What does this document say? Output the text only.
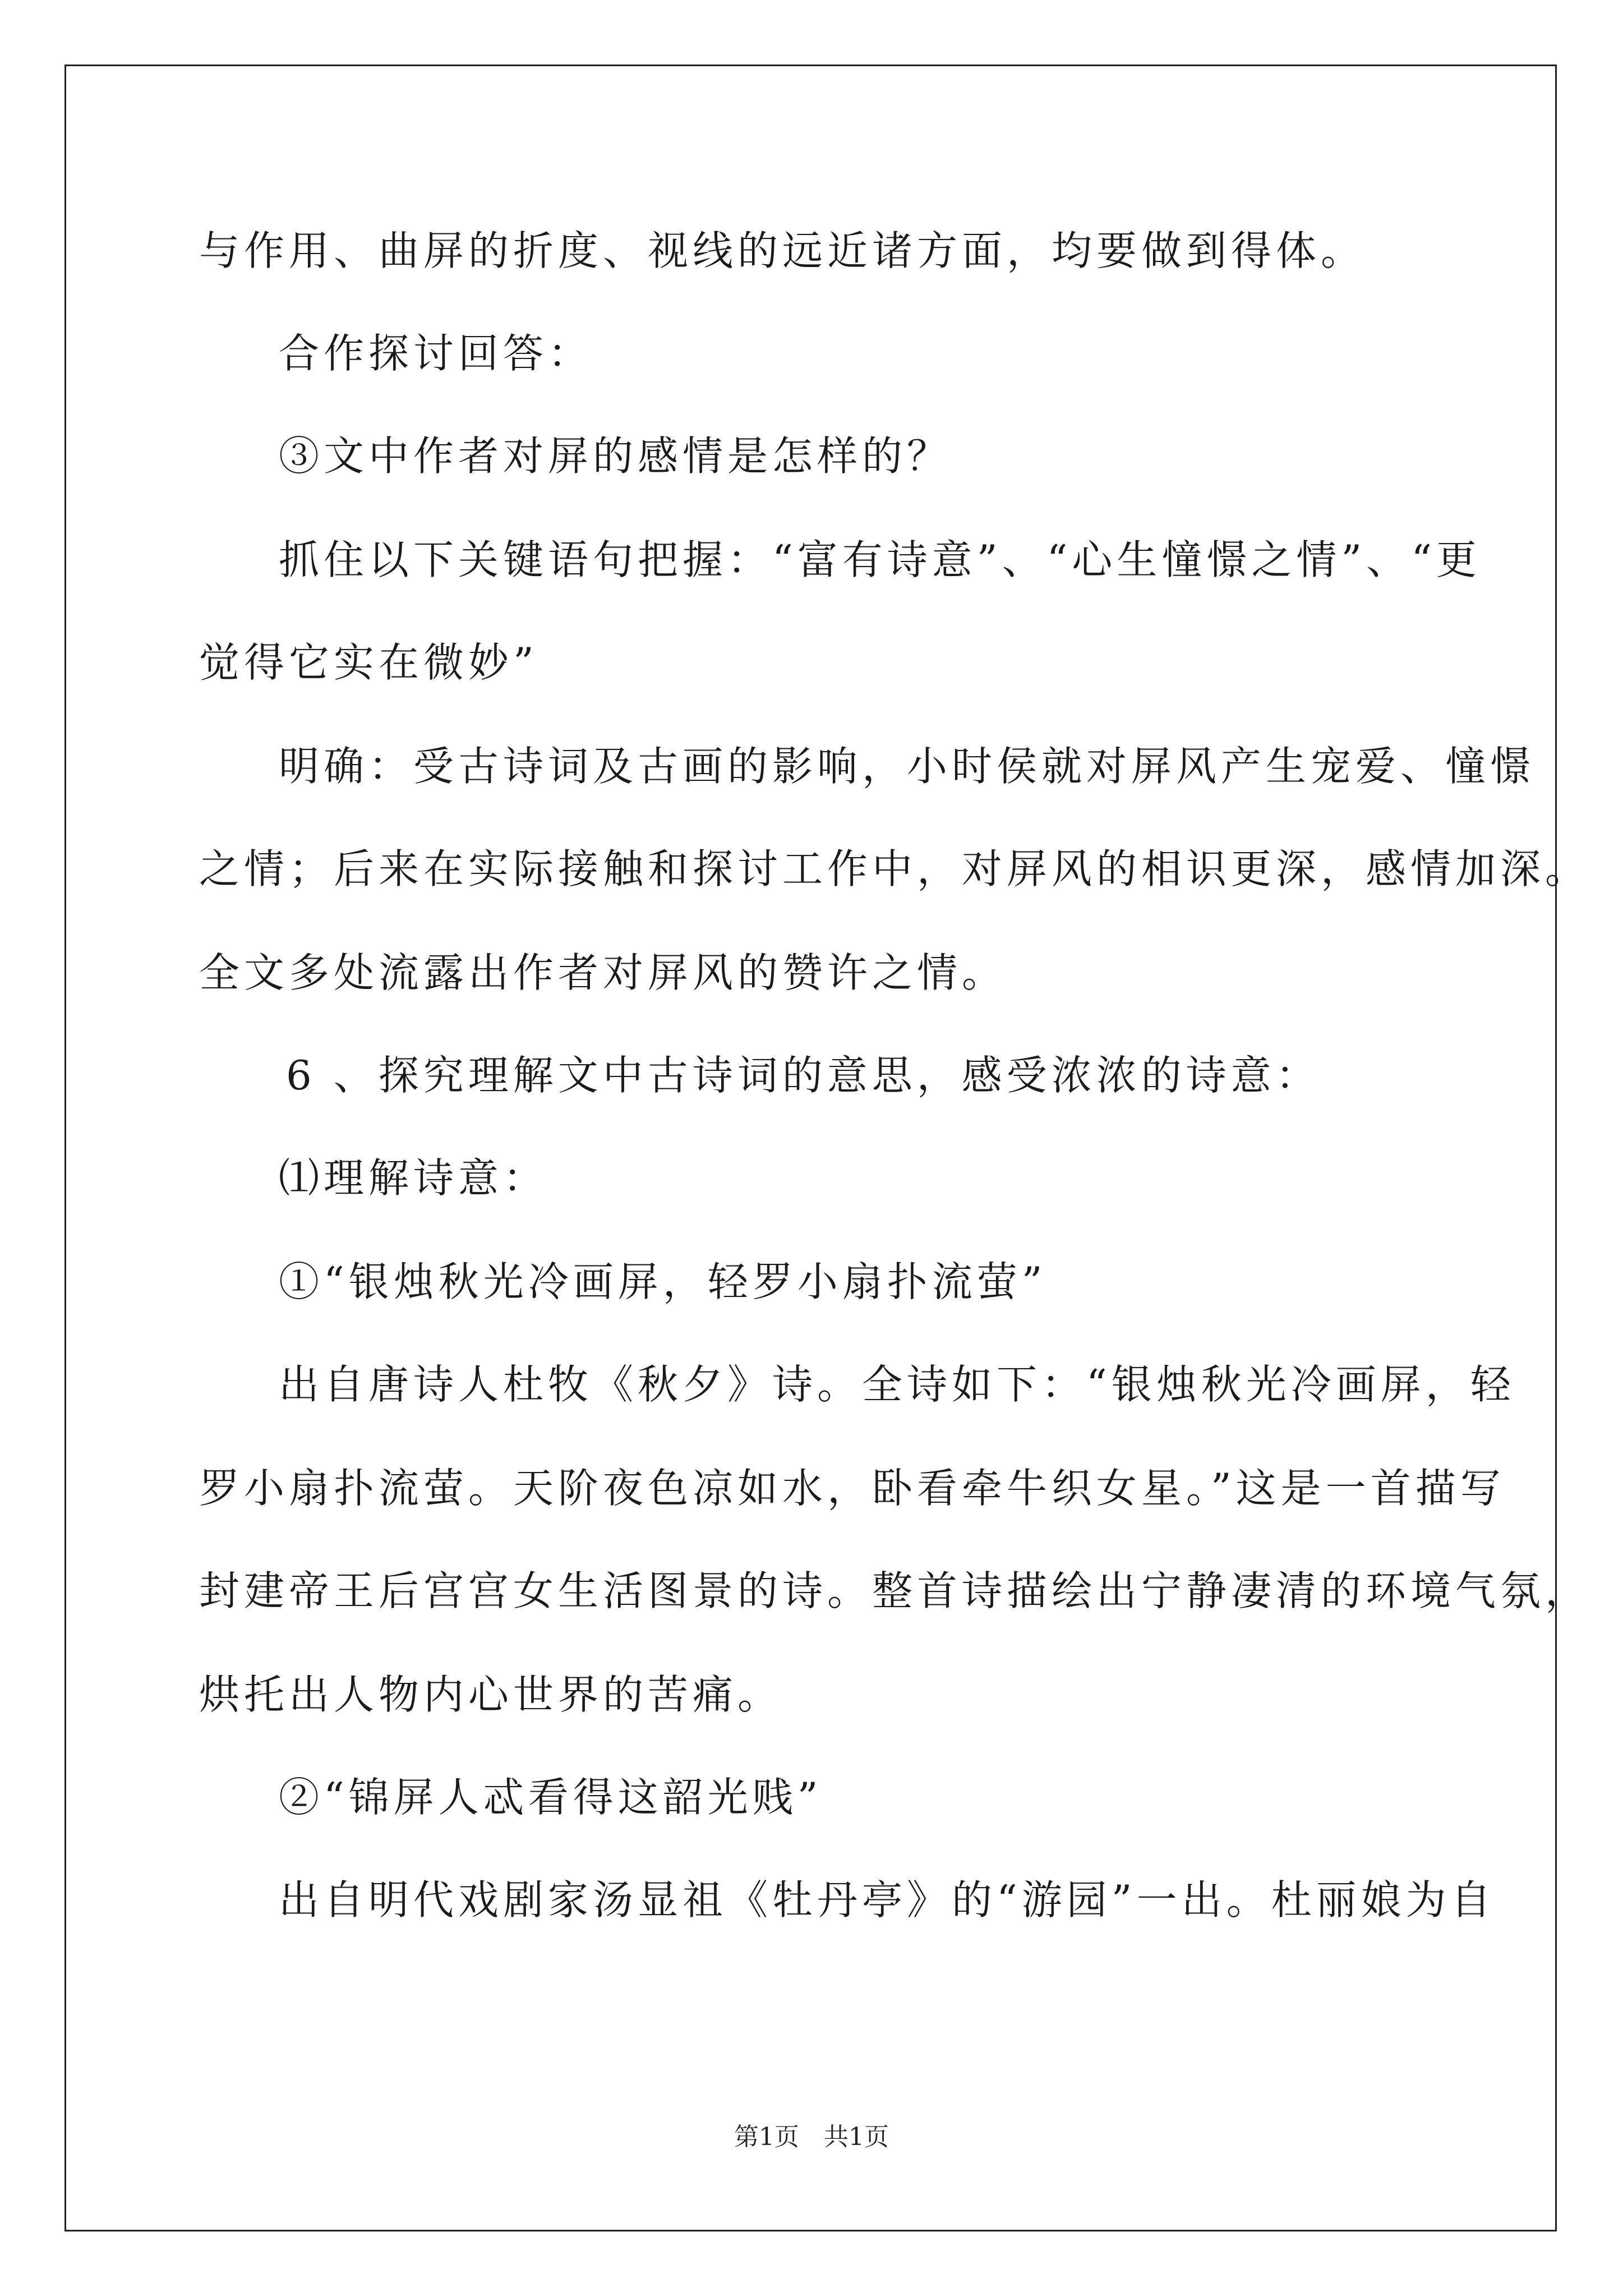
与作用、曲屏的折度、视线的远近诸方面，均要做到得体。
合作探讨回答：
③文中作者对屏的感情是怎样的？
抓住以下关键语句把握：“富有诗意”、“心生憧憬之情”、“更
觉得它实在微妙”
明确：受古诗词及古画的影响，小时侯就对屏风产生宠爱、憧憬
之情；后来在实际接触和探讨工作中，对屏风的相识更深，感情加深。
全文多处流露出作者对屏风的赞许之情。
6 、探究理解文中古诗词的意思，感受浓浓的诗意：
⑴理解诗意：
①“银烛秋光冷画屏，轻罗小扇扑流萤”
出自唐诗人杜牧《秋夕》诗。全诗如下：“银烛秋光冷画屏，轻
罗小扇扑流萤。天阶夜色凉如水，卧看牵牛织女星。”这是一首描写
封建帝王后宫宫女生活图景的诗。整首诗描绘出宁静凄清的环境气氛，
烘托出人物内心世界的苦痛。
②“锦屏人忒看得这韶光贱”
出自明代戏剧家汤显祖《牡丹亭》的“游园”一出。杜丽娘为自
第1页　共1页
